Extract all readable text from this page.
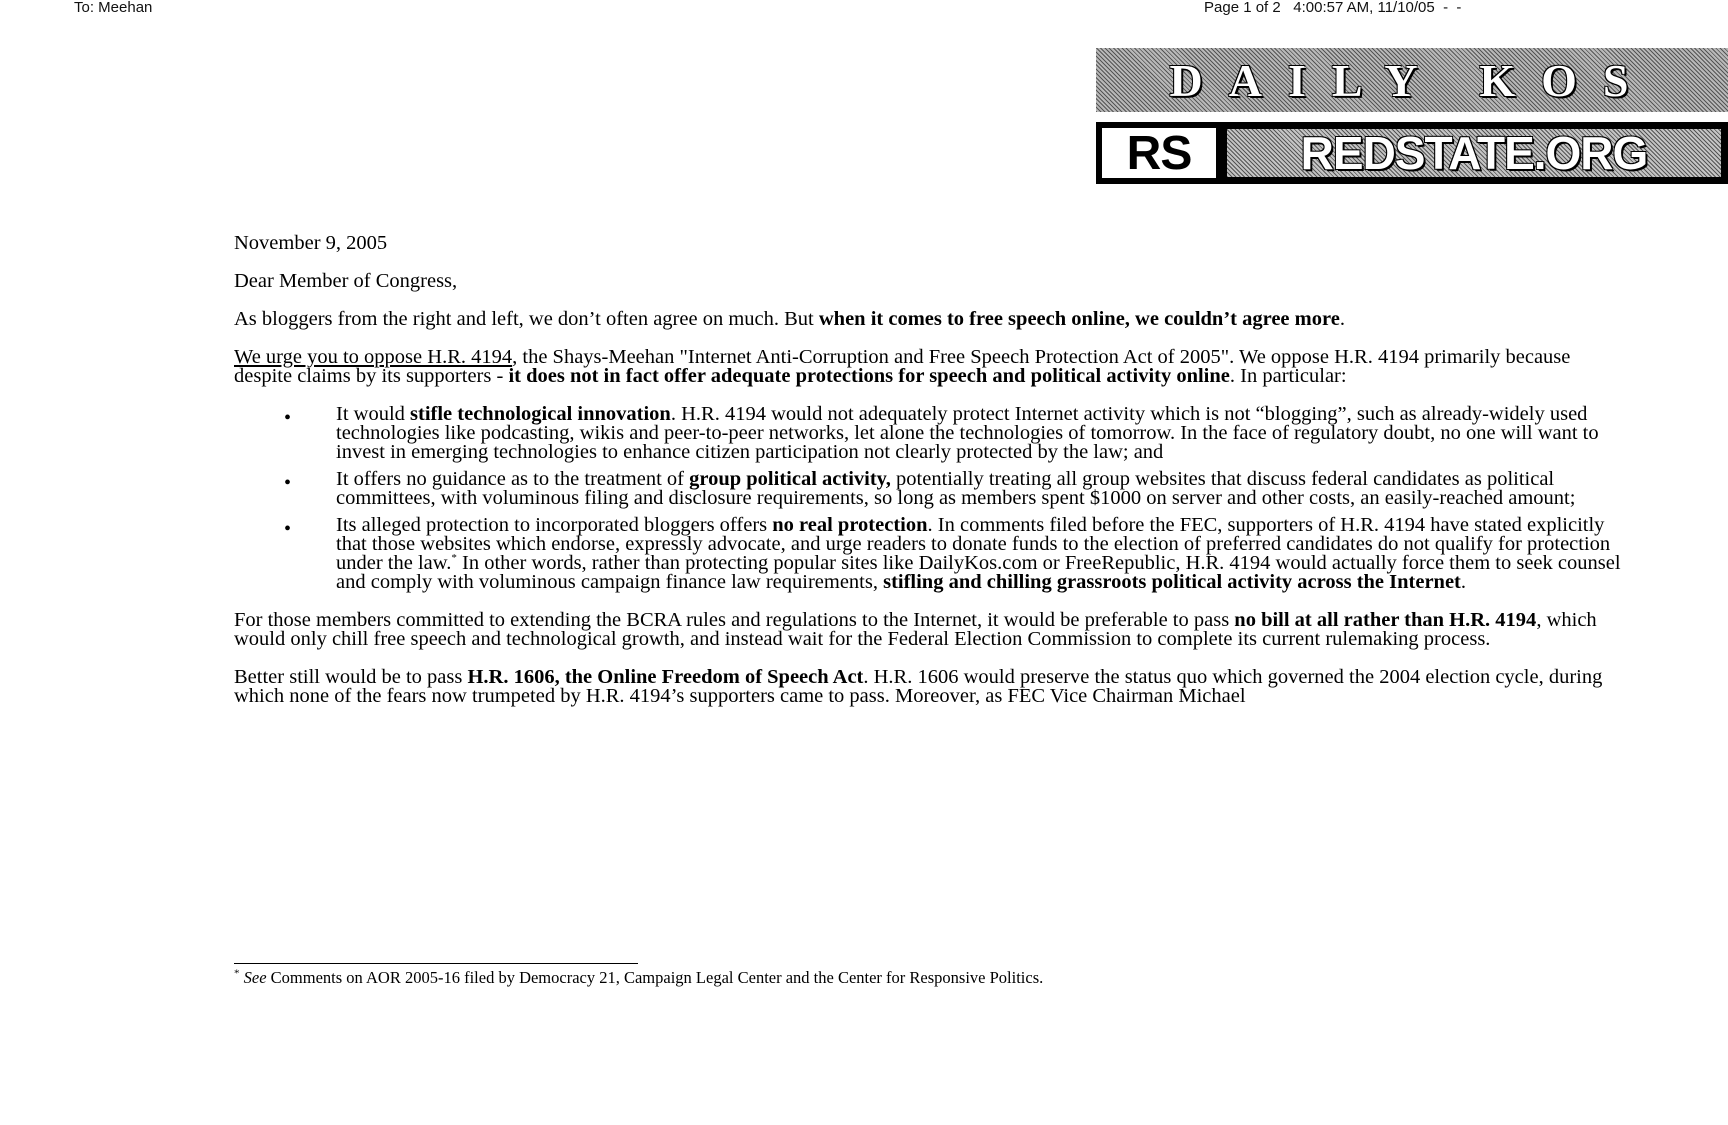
To: Meehan	Page 1 of 2 4:00:57 AM, 11/10/05 -  -
DAILY KOS
RS	REDSTATE.ORG

November 9, 2005

Dear Member of Congress,

As bloggers from the right and left, we don’t often agree on much. But when it comes to free speech online, we couldn’t agree more.

We urge you to oppose H.R. 4194, the Shays-Meehan "Internet Anti-Corruption and Free Speech Protection Act of 2005". We oppose H.R. 4194 primarily because despite claims by its supporters - it does not in fact offer adequate protections for speech and political activity online. In particular:

• It would stifle technological innovation. H.R. 4194 would not adequately protect Internet activity which is not “blogging”, such as already-widely used technologies like podcasting, wikis and peer-to-peer networks, let alone the technologies of tomorrow. In the face of regulatory doubt, no one will want to invest in emerging technologies to enhance citizen participation not clearly protected by the law; and
• It offers no guidance as to the treatment of group political activity, potentially treating all group websites that discuss federal candidates as political committees, with voluminous filing and disclosure requirements, so long as members spent $1000 on server and other costs, an easily-reached amount;
• Its alleged protection to incorporated bloggers offers no real protection. In comments filed before the FEC, supporters of H.R. 4194 have stated explicitly that those websites which endorse, expressly advocate, and urge readers to donate funds to the election of preferred candidates do not qualify for protection under the law.* In other words, rather than protecting popular sites like DailyKos.com or FreeRepublic, H.R. 4194 would actually force them to seek counsel and comply with voluminous campaign finance law requirements, stifling and chilling grassroots political activity across the Internet.

For those members committed to extending the BCRA rules and regulations to the Internet, it would be preferable to pass no bill at all rather than H.R. 4194, which would only chill free speech and technological growth, and instead wait for the Federal Election Commission to complete its current rulemaking process.

Better still would be to pass H.R. 1606, the Online Freedom of Speech Act. H.R. 1606 would preserve the status quo which governed the 2004 election cycle, during which none of the fears now trumpeted by H.R. 4194’s supporters came to pass. Moreover, as FEC Vice Chairman Michael

* See Comments on AOR 2005-16 filed by Democracy 21, Campaign Legal Center and the Center for Responsive Politics.
